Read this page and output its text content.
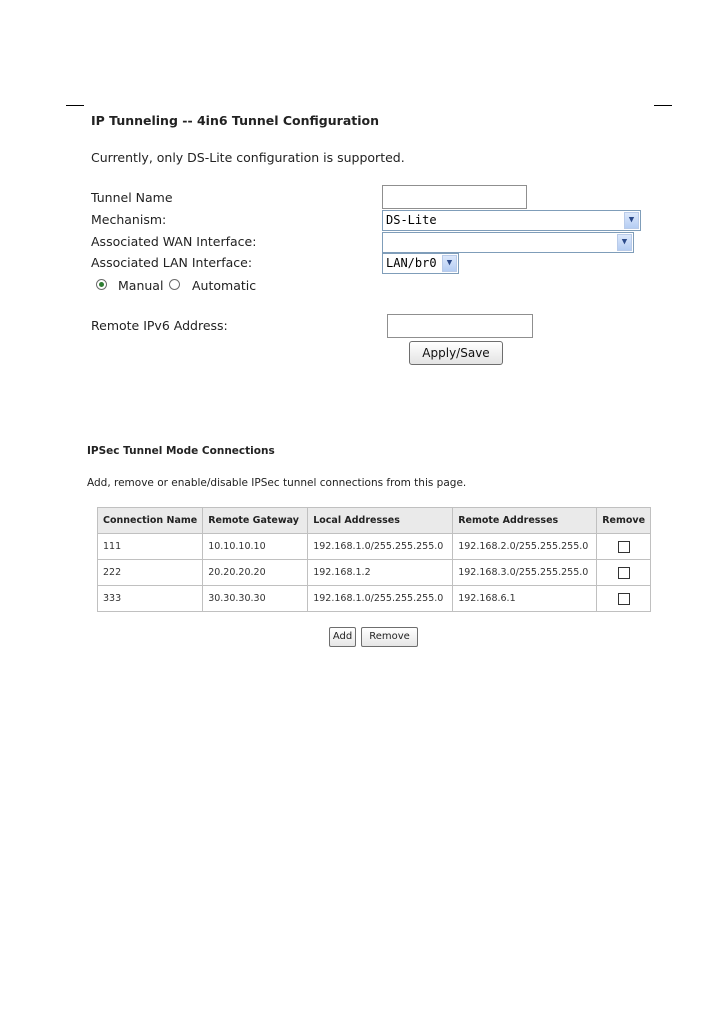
IP Tunneling -- 4in6 Tunnel Configuration
Currently, only DS-Lite configuration is supported.
Tunnel Name
Mechanism:	DS-Lite	▼
Associated WAN Interface:	▼
Associated LAN Interface:	LAN/br0	▼
Manual Automatic
Remote IPv6 Address:
Apply/Save
IPSec Tunnel Mode Connections
Add, remove or enable/disable IPSec tunnel connections from this page.
Connection Name	Remote Gateway	Local Addresses	Remote Addresses	Remove
111	10.10.10.10	192.168.1.0/255.255.255.0	192.168.2.0/255.255.255.0	
222	20.20.20.20	192.168.1.2	192.168.3.0/255.255.255.0	
333	30.30.30.30	192.168.1.0/255.255.255.0	192.168.6.1	
Add	Remove
